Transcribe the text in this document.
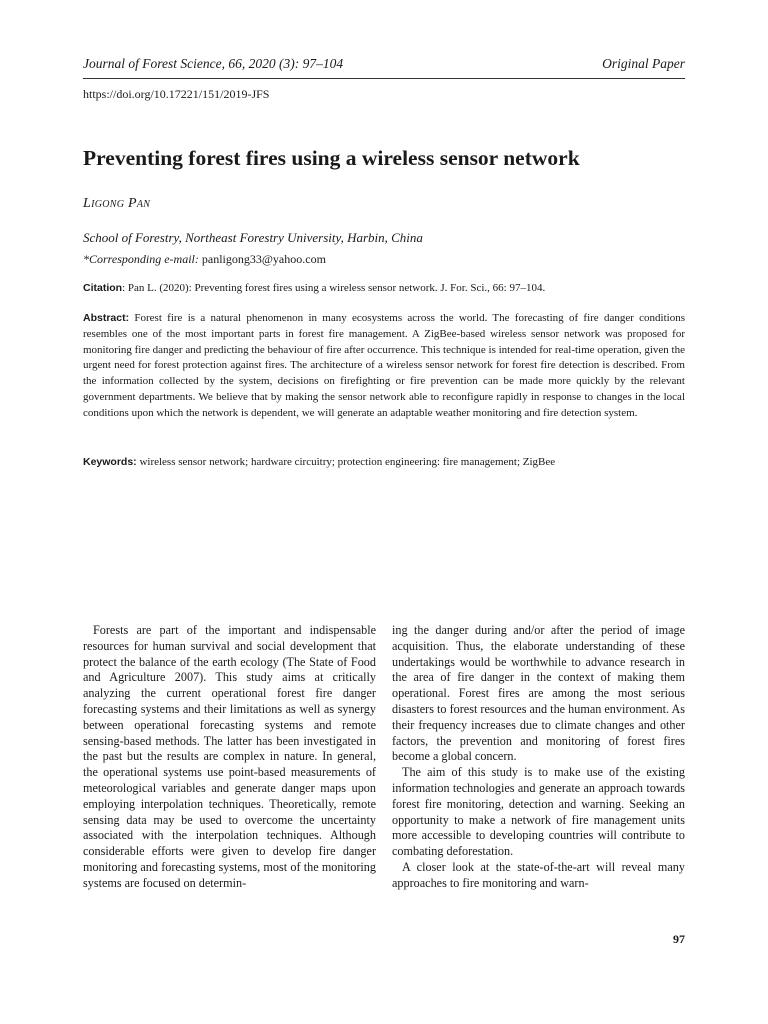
Journal of Forest Science, 66, 2020 (3): 97–104	Original Paper
https://doi.org/10.17221/151/2019-JFS
Preventing forest fires using a wireless sensor network
Ligong Pan
School of Forestry, Northeast Forestry University, Harbin, China
*Corresponding e-mail: panligong33@yahoo.com
Citation: Pan L. (2020): Preventing forest fires using a wireless sensor network. J. For. Sci., 66: 97–104.

Abstract: Forest fire is a natural phenomenon in many ecosystems across the world. The forecasting of fire danger conditions resembles one of the most important parts in forest fire management. A ZigBee-based wireless sensor network was proposed for monitoring fire danger and predicting the behaviour of fire after occurrence. This technique is intended for real-time operation, given the urgent need for forest protection against fires. The architecture of a wireless sensor network for forest fire detection is described. From the information collected by the system, decisions on firefighting or fire prevention can be made more quickly by the relevant government departments. We believe that by making the sensor network able to reconfigure rapidly in response to changes in the local conditions upon which the network is dependent, we will generate an adaptable weather monitoring and fire detection system.

Keywords: wireless sensor network; hardware circuitry; protection engineering: fire management; ZigBee

Forests are part of the important and indispensable resources for human survival and social development that protect the balance of the earth ecology (The State of Food and Agriculture 2007). This study aims at critically analyzing the current operational forest fire danger forecasting systems and their limitations as well as synergy between operational forecasting systems and remote sensing-based methods. The latter has been investigated in the past but the results are complex in nature. In general, the operational systems use point-based measurements of meteorological variables and generate danger maps upon employing interpolation techniques. Theoretically, remote sensing data may be used to overcome the uncertainty associated with the interpolation techniques. Although considerable efforts were given to develop fire danger monitoring and forecasting systems, most of the monitoring systems are focused on determin-

ing the danger during and/or after the period of image acquisition. Thus, the elaborate understanding of these undertakings would be worthwhile to advance research in the area of fire danger in the context of making them operational. Forest fires are among the most serious disasters to forest resources and the human environment. As their frequency increases due to climate changes and other factors, the prevention and monitoring of forest fires become a global concern.

The aim of this study is to make use of the existing information technologies and generate an approach towards forest fire monitoring, detection and warning. Seeking an opportunity to make a network of fire management units more accessible to developing countries will contribute to combating deforestation.

A closer look at the state-of-the-art will reveal many approaches to fire monitoring and warn-

97
